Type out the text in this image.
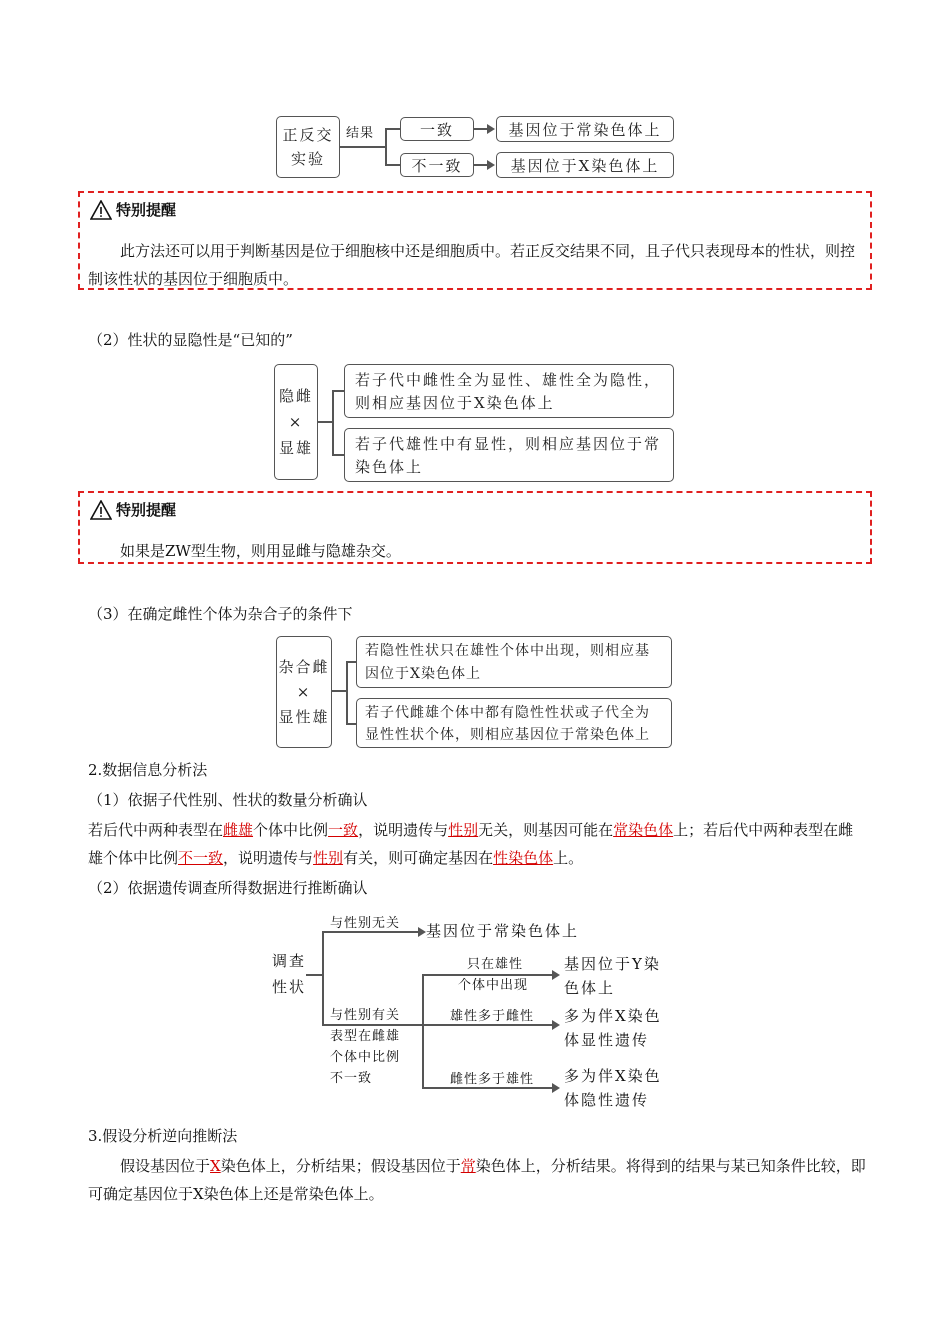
正反交
实验
结果	一致
不一致
基因位于常染色体上
基因位于X染色体上
特别提醒
此方法还可以用于判断基因是位于细胞核中还是细胞质中。若正反交结果不同，且子代只表现母本的性状，则控制该性状的基因位于细胞质中。
（2）性状的显隐性是“已知的”
隐雌
×
显雄
若子代中雌性全为显性、雄性全为隐性，则相应基因位于X染色体上
若子代雄性中有显性，则相应基因位于常染色体上
特别提醒
如果是ZW型生物，则用显雌与隐雄杂交。
（3）在确定雌性个体为杂合子的条件下
杂合雌
×
显性雄
若隐性性状只在雄性个体中出现，则相应基因位于X染色体上
若子代雌雄个体中都有隐性性状或子代全为显性性状个体，则相应基因位于常染色体上
2.数据信息分析法
（1）依据子代性别、性状的数量分析确认
若后代中两种表型在雌雄个体中比例一致，说明遗传与性别无关，则基因可能在常染色体上；若后代中两种表型在雌雄个体中比例不一致，说明遗传与性别有关，则可确定基因在性染色体上。
（2）依据遗传调查所得数据进行推断确认
调查
性状
与性别无关 基因位于常染色体上
与性别有关
表型在雌雄
个体中比例
不一致
只在雄性
个体中出现
雄性多于雌性
雌性多于雄性
基因位于Y染
色体上
多为伴X染色
体显性遗传
多为伴X染色
体隐性遗传
3.假设分析逆向推断法
假设基因位于X染色体上，分析结果；假设基因位于常染色体上，分析结果。将得到的结果与某已知条件比较，即可确定基因位于X染色体上还是常染色体上。
